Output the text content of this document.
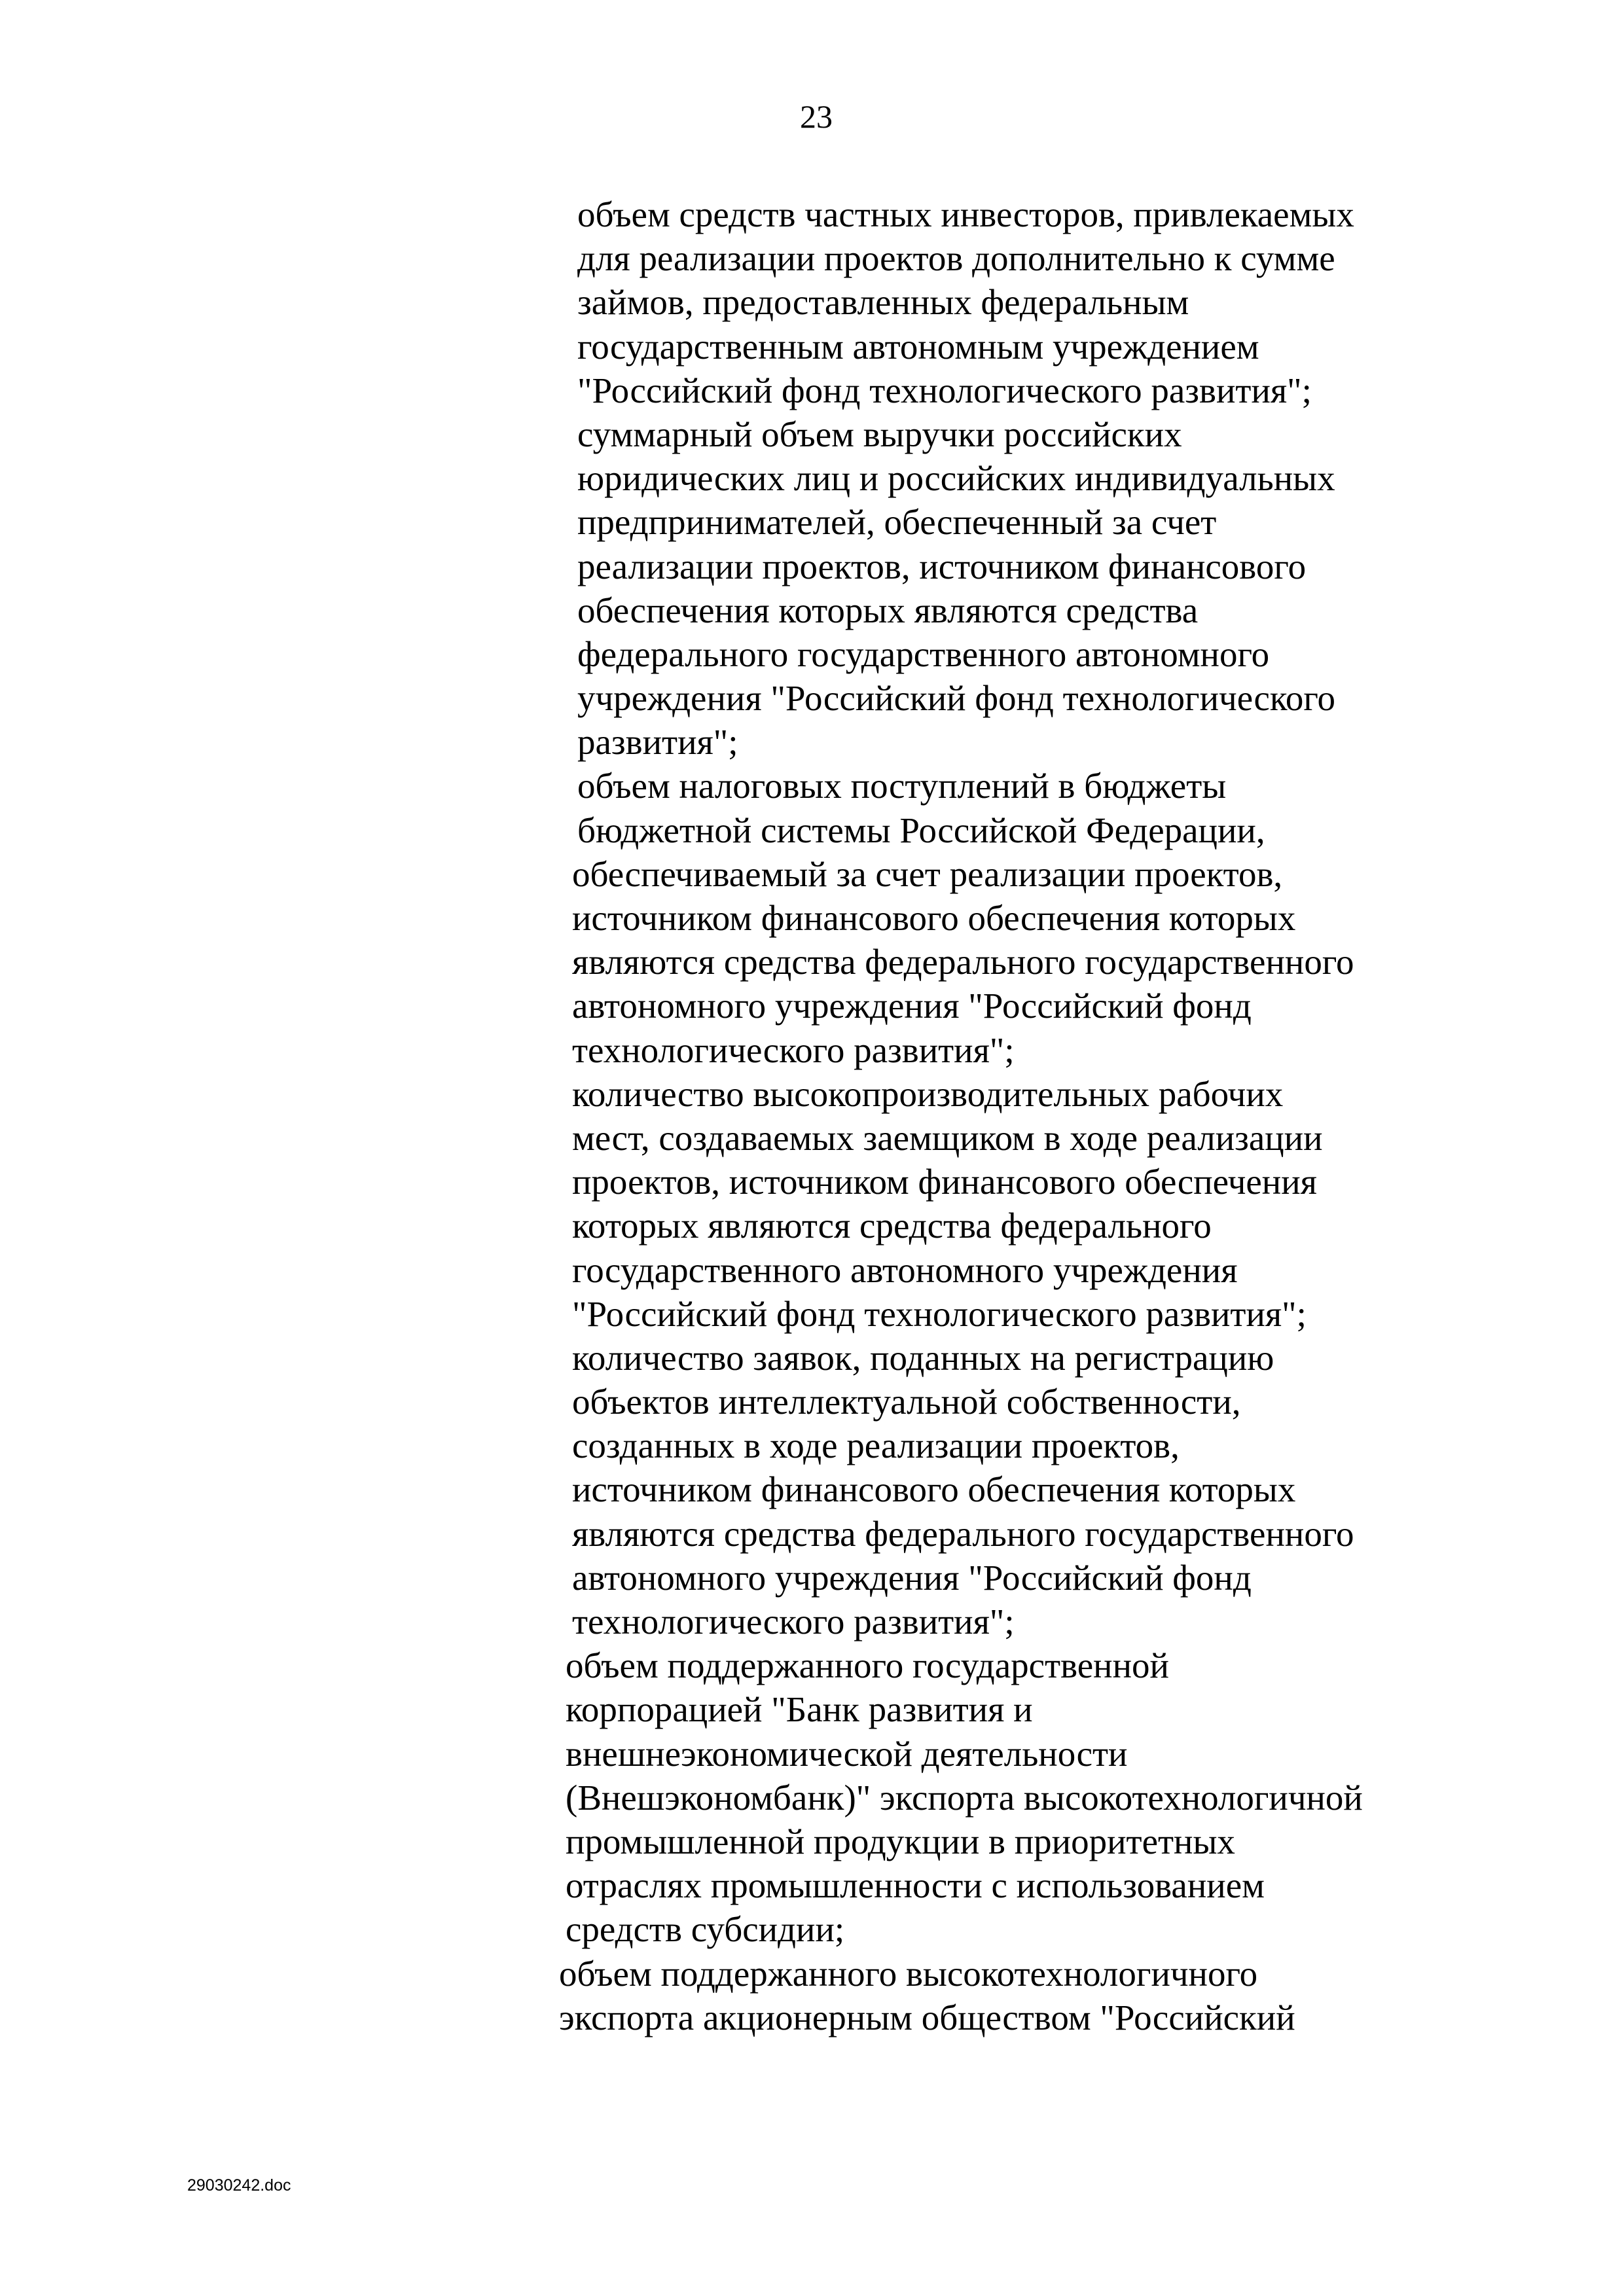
23
объем средств частных инвесторов, привлекаемых
для реализации проектов дополнительно к сумме
займов, предоставленных федеральным
государственным автономным учреждением
"Российский фонд технологического развития";
суммарный объем выручки российских
юридических лиц и российских индивидуальных
предпринимателей, обеспеченный за счет
реализации проектов, источником финансового
обеспечения которых являются средства
федерального государственного автономного
учреждения "Российский фонд технологического
развития";
объем налоговых поступлений в бюджеты
бюджетной системы Российской Федерации,
обеспечиваемый за счет реализации проектов,
источником финансового обеспечения которых
являются средства федерального государственного
автономного учреждения "Российский фонд
технологического развития";
количество высокопроизводительных рабочих
мест, создаваемых заемщиком в ходе реализации
проектов, источником финансового обеспечения
которых являются средства федерального
государственного автономного учреждения
"Российский фонд технологического развития";
количество заявок, поданных на регистрацию
объектов интеллектуальной собственности,
созданных в ходе реализации проектов,
источником финансового обеспечения которых
являются средства федерального государственного
автономного учреждения "Российский фонд
технологического развития";
объем поддержанного государственной
корпорацией "Банк развития и
внешнеэкономической деятельности
(Внешэкономбанк)" экспорта высокотехнологичной
промышленной продукции в приоритетных
отраслях промышленности с использованием
средств субсидии;
объем поддержанного высокотехнологичного
экспорта акционерным обществом "Российский
29030242.doc
